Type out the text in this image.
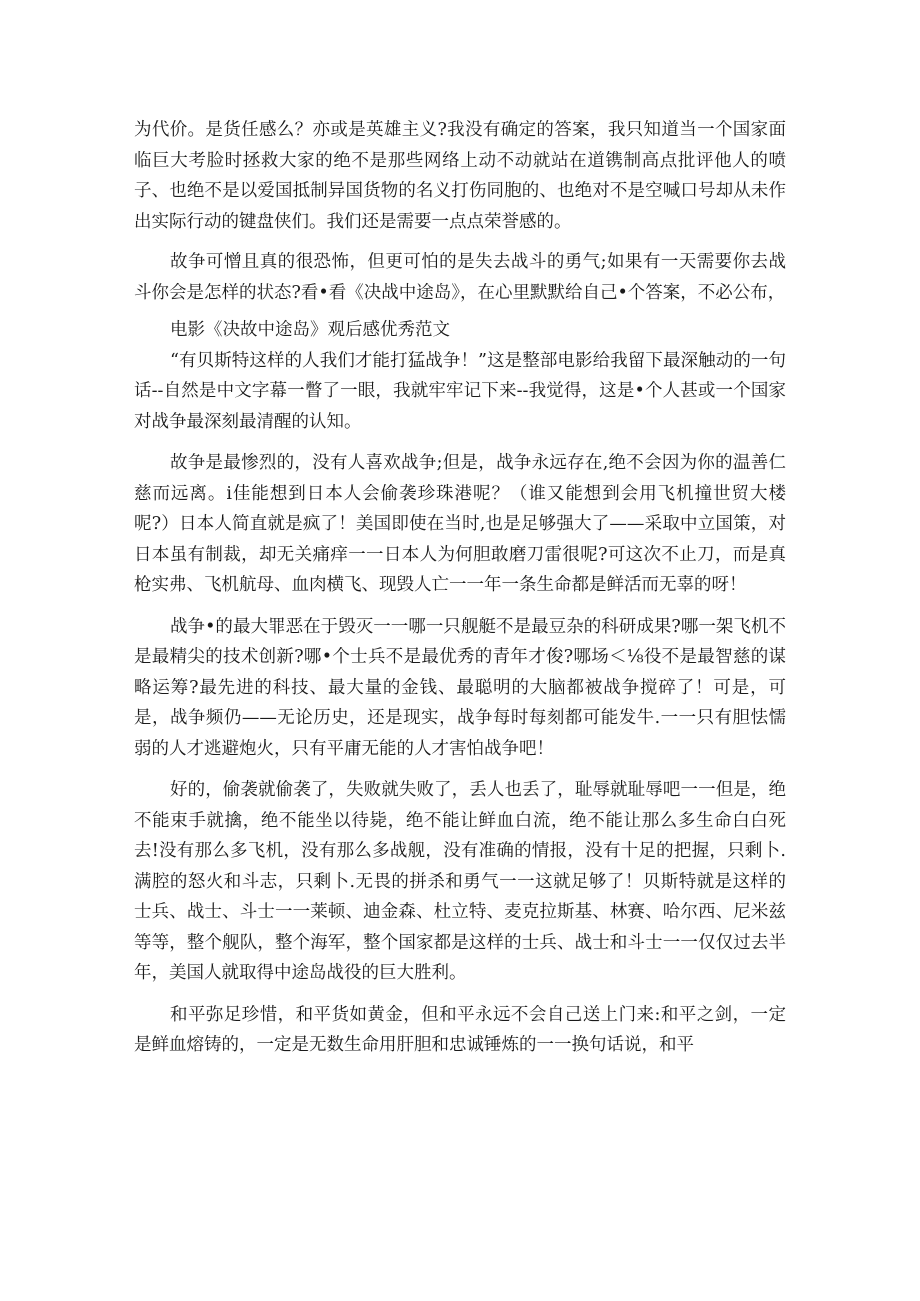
为代价。是货任感么？亦或是英雄主义?我没有确定的答案，我只知道当一个国家面临巨大考脸时拯救大家的绝不是那些网络上动不动就站在道镌制高点批评他人的喷子、也绝不是以爱国抵制异国货物的名义打伤同胞的、也绝对不是空喊口号却从未作出实际行动的键盘侠们。我们还是需要一点点荣誉感的。

故争可憎且真的很恐怖，但更可怕的是失去战斗的勇气;如果有一天需要你去战斗你会是怎样的状态?看•看《决战中途岛》，在心里默默给自己•个答案，不必公布，

电影《决故中途岛》观后感优秀范文

“有贝斯特这样的人我们才能打猛战争！”这是整部电影给我留下最深触动的一句话--自然是中文字幕一瞥了一眼，我就牢牢记下来--我觉得，这是•个人甚或一个国家对战争最深刻最清醒的认知。

故争是最惨烈的，没有人喜欢战争;但是，战争永远存在,绝不会因为你的温善仁慈而远离。i佳能想到日本人会偷袭珍珠港呢？（谁又能想到会用飞机撞世贸大楼呢?）日本人简直就是疯了！美国即使在当时,也是足够强大了——采取中立国策，对日本虽有制裁，却无关痛痒一一日本人为何胆敢磨刀雷很呢?可这次不止刀，而是真枪实弗、飞机航母、血肉横飞、现毁人亡一一年一条生命都是鲜活而无辜的呀！

战争•的最大罪恶在于毁灭一一哪一只舰艇不是最豆杂的科研成果?哪一架飞机不是最精尖的技术创新?哪•个士兵不是最优秀的青年才俊?哪场＜⅛役不是最智慈的谋略运筹?最先进的科技、最大量的金钱、最聪明的大脑都被战争搅碎了！可是，可是，战争频仍——无论历史，还是现实，战争每时每刻都可能发牛.一一只有胆怯懦弱的人才逃避炮火，只有平庸无能的人才害怕战争吧！

好的，偷袭就偷袭了，失败就失败了，丢人也丢了，耻辱就耻辱吧一一但是，绝不能束手就擒，绝不能坐以待毙，绝不能让鲜血白流，绝不能让那么多生命白白死去!没有那么多飞机，没有那么多战舰，没有准确的情报，没有十足的把握，只剩卜.满腔的怒火和斗志，只剩卜.无畏的拼杀和勇气一一这就足够了！贝斯特就是这样的士兵、战士、斗士一一莱顿、迪金森、杜立特、麦克拉斯基、林赛、哈尔西、尼米兹等等，整个舰队，整个海军，整个国家都是这样的士兵、战士和斗士一一仅仅过去半年，美国人就取得中途岛战役的巨大胜利。

和平弥足珍惜，和平货如黄金，但和平永远不会自己送上门来:和平之剑，一定是鲜血熔铸的，一定是无数生命用肝胆和忠诚锤炼的一一换句话说，和平
